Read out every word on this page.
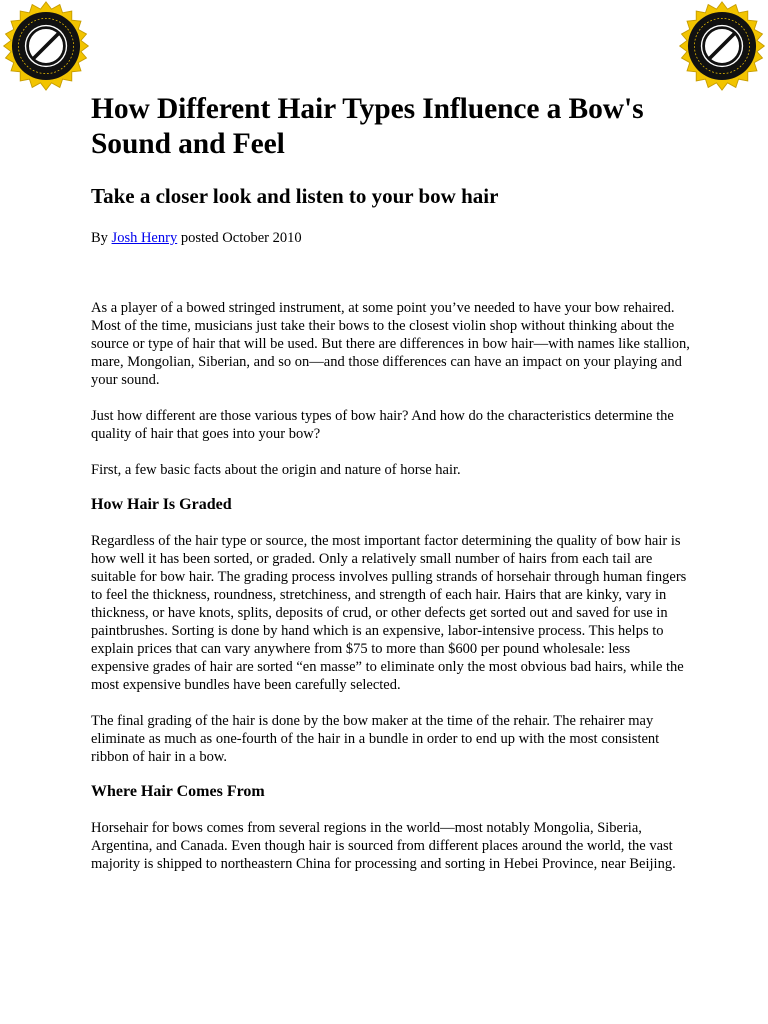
How Different Hair Types Influence a Bow's Sound and Feel
Take a closer look and listen to your bow hair

By Josh Henry posted October 2010

As a player of a bowed stringed instrument, at some point you’ve needed to have your bow rehaired. Most of the time, musicians just take their bows to the closest violin shop without thinking about the source or type of hair that will be used. But there are differences in bow hair—with names like stallion, mare, Mongolian, Siberian, and so on—and those differences can have an impact on your playing and your sound.

Just how different are those various types of bow hair? And how do the characteristics determine the quality of hair that goes into your bow?

First, a few basic facts about the origin and nature of horse hair.

How Hair Is Graded

Regardless of the hair type or source, the most important factor determining the quality of bow hair is how well it has been sorted, or graded. Only a relatively small number of hairs from each tail are suitable for bow hair. The grading process involves pulling strands of horsehair through human fingers to feel the thickness, roundness, stretchiness, and strength of each hair. Hairs that are kinky, vary in thickness, or have knots, splits, deposits of crud, or other defects get sorted out and saved for use in paintbrushes. Sorting is done by hand which is an expensive, labor-intensive process. This helps to explain prices that can vary anywhere from $75 to more than $600 per pound wholesale: less expensive grades of hair are sorted “en masse” to eliminate only the most obvious bad hairs, while the most expensive bundles have been carefully selected.

The final grading of the hair is done by the bow maker at the time of the rehair. The rehairer may eliminate as much as one-fourth of the hair in a bundle in order to end up with the most consistent ribbon of hair in a bow.

Where Hair Comes From

Horsehair for bows comes from several regions in the world—most notably Mongolia, Siberia, Argentina, and Canada. Even though hair is sourced from different places around the world, the vast majority is shipped to northeastern China for processing and sorting in Hebei Province, near Beijing.
